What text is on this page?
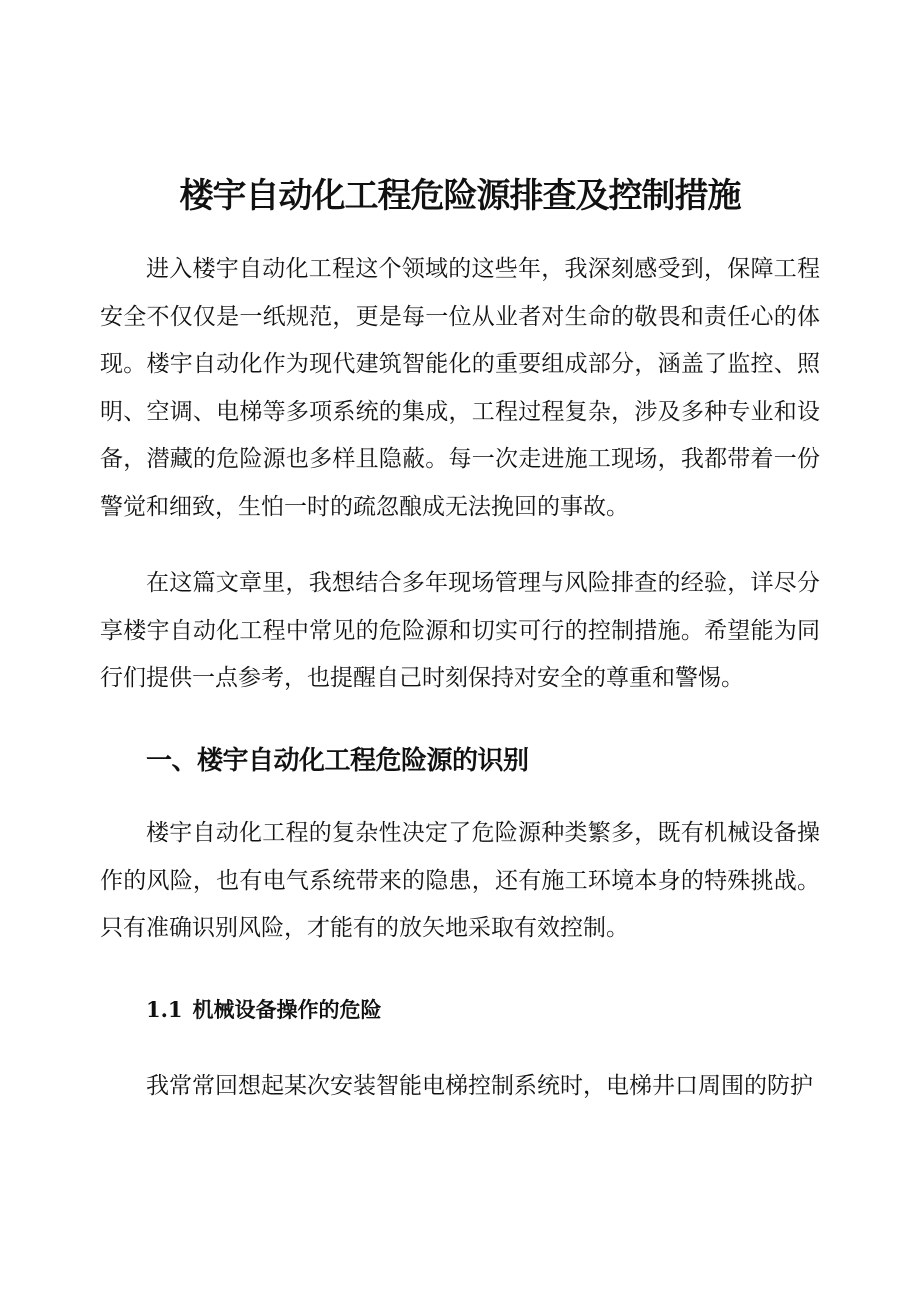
楼宇自动化工程危险源排查及控制措施

进入楼宇自动化工程这个领域的这些年，我深刻感受到，保障工程安全不仅仅是一纸规范，更是每一位从业者对生命的敬畏和责任心的体现。楼宇自动化作为现代建筑智能化的重要组成部分，涵盖了监控、照明、空调、电梯等多项系统的集成，工程过程复杂，涉及多种专业和设备，潜藏的危险源也多样且隐蔽。每一次走进施工现场，我都带着一份警觉和细致，生怕一时的疏忽酿成无法挽回的事故。

在这篇文章里，我想结合多年现场管理与风险排查的经验，详尽分享楼宇自动化工程中常见的危险源和切实可行的控制措施。希望能为同行们提供一点参考，也提醒自己时刻保持对安全的尊重和警惕。

一、楼宇自动化工程危险源的识别

楼宇自动化工程的复杂性决定了危险源种类繁多，既有机械设备操作的风险，也有电气系统带来的隐患，还有施工环境本身的特殊挑战。只有准确识别风险，才能有的放矢地采取有效控制。

1.1 机械设备操作的危险

我常常回想起某次安装智能电梯控制系统时，电梯井口周围的防护
